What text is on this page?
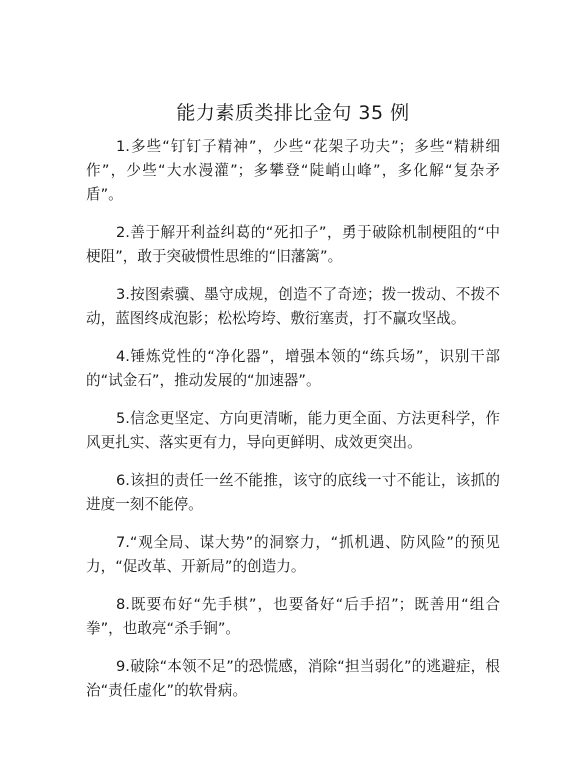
能力素质类排比金句 35 例

1.多些“钉钉子精神”，少些“花架子功夫”；多些“精耕细作”，少些“大水漫灌”；多攀登“陡峭山峰”，多化解“复杂矛盾”。

2.善于解开利益纠葛的“死扣子”，勇于破除机制梗阻的“中梗阻”，敢于突破惯性思维的“旧藩篱”。

3.按图索骥、墨守成规，创造不了奇迹；拨一拨动、不拨不动，蓝图终成泡影；松松垮垮、敷衍塞责，打不赢攻坚战。

4.锤炼党性的“净化器”，增强本领的“练兵场”，识别干部的“试金石”，推动发展的“加速器”。

5.信念更坚定、方向更清晰，能力更全面、方法更科学，作风更扎实、落实更有力，导向更鲜明、成效更突出。

6.该担的责任一丝不能推，该守的底线一寸不能让，该抓的进度一刻不能停。

7.“观全局、谋大势”的洞察力，“抓机遇、防风险”的预见力，“促改革、开新局”的创造力。

8.既要布好“先手棋”，也要备好“后手招”；既善用“组合拳”，也敢亮“杀手锏”。

9.破除“本领不足”的恐慌感，消除“担当弱化”的逃避症，根治“责任虚化”的软骨病。
